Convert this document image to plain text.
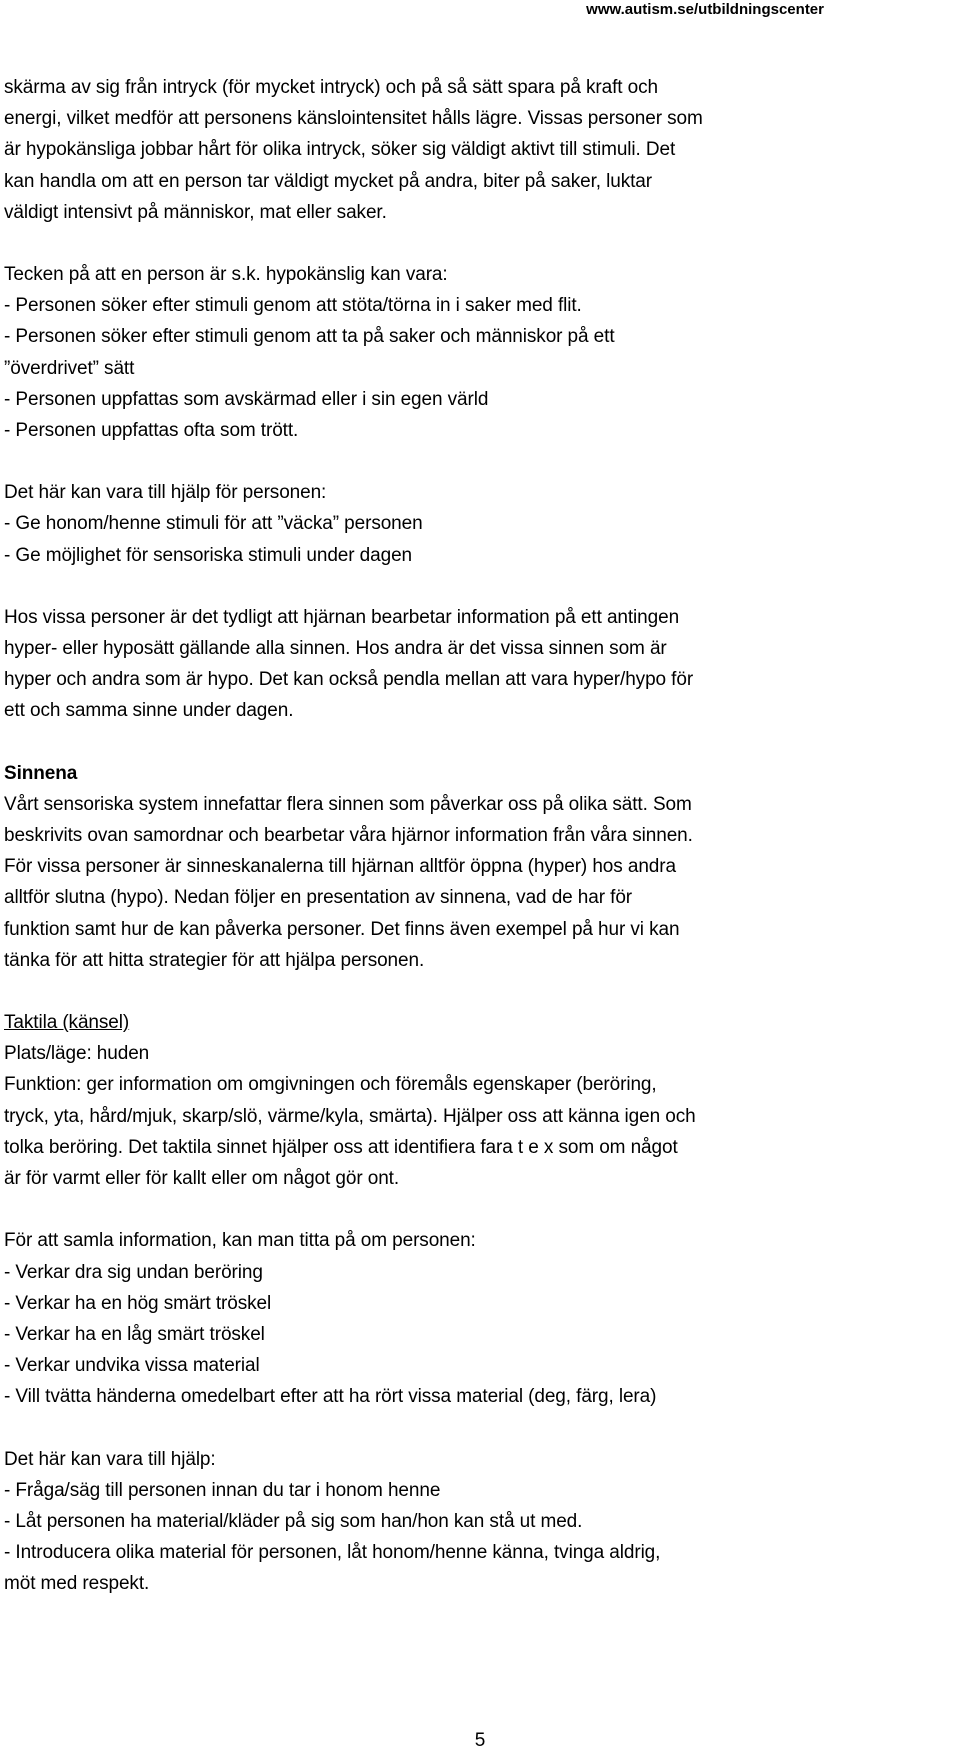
www.autism.se/utbildningscenter
skärma av sig från intryck (för mycket intryck) och på så sätt spara på kraft och
energi, vilket medför att personens känslointensitet hålls lägre. Vissas personer som
är hypokänsliga jobbar hårt för olika intryck, söker sig väldigt aktivt till stimuli. Det
kan handla om att en person tar väldigt mycket på andra, biter på saker, luktar
väldigt intensivt på människor, mat eller saker.
Tecken på att en person är s.k. hypokänslig kan vara:
- Personen söker efter stimuli genom att stöta/törna in i saker med flit.
- Personen söker efter stimuli genom att ta på saker och människor på ett
”överdrivet” sätt
- Personen uppfattas som avskärmad eller i sin egen värld
- Personen uppfattas ofta som trött.
Det här kan vara till hjälp för personen:
- Ge honom/henne stimuli för att ”väcka” personen
- Ge möjlighet för sensoriska stimuli under dagen
Hos vissa personer är det tydligt att hjärnan bearbetar information på ett antingen
hyper- eller hyposätt gällande alla sinnen. Hos andra är det vissa sinnen som är
hyper och andra som är hypo. Det kan också pendla mellan att vara hyper/hypo för
ett och samma sinne under dagen.
Sinnena
Vårt sensoriska system innefattar flera sinnen som påverkar oss på olika sätt. Som
beskrivits ovan samordnar och bearbetar våra hjärnor information från våra sinnen.
För vissa personer är sinneskanalerna till hjärnan alltför öppna (hyper) hos andra
alltför slutna (hypo). Nedan följer en presentation av sinnena, vad de har för
funktion samt hur de kan påverka personer. Det finns även exempel på hur vi kan
tänka för att hitta strategier för att hjälpa personen.
Taktila (känsel)
Plats/läge: huden
Funktion: ger information om omgivningen och föremåls egenskaper (beröring,
tryck, yta, hård/mjuk, skarp/slö, värme/kyla, smärta). Hjälper oss att känna igen och
tolka beröring. Det taktila sinnet hjälper oss att identifiera fara t e x som om något
är för varmt eller för kallt eller om något gör ont.
För att samla information, kan man titta på om personen:
- Verkar dra sig undan beröring
- Verkar ha en hög smärt tröskel
- Verkar ha en låg smärt tröskel
- Verkar undvika vissa material
- Vill tvätta händerna omedelbart efter att ha rört vissa material (deg, färg, lera)
Det här kan vara till hjälp:
- Fråga/säg till personen innan du tar i honom henne
- Låt personen ha material/kläder på sig som han/hon kan stå ut med.
- Introducera olika material för personen, låt honom/henne känna, tvinga aldrig,
möt med respekt.
5
